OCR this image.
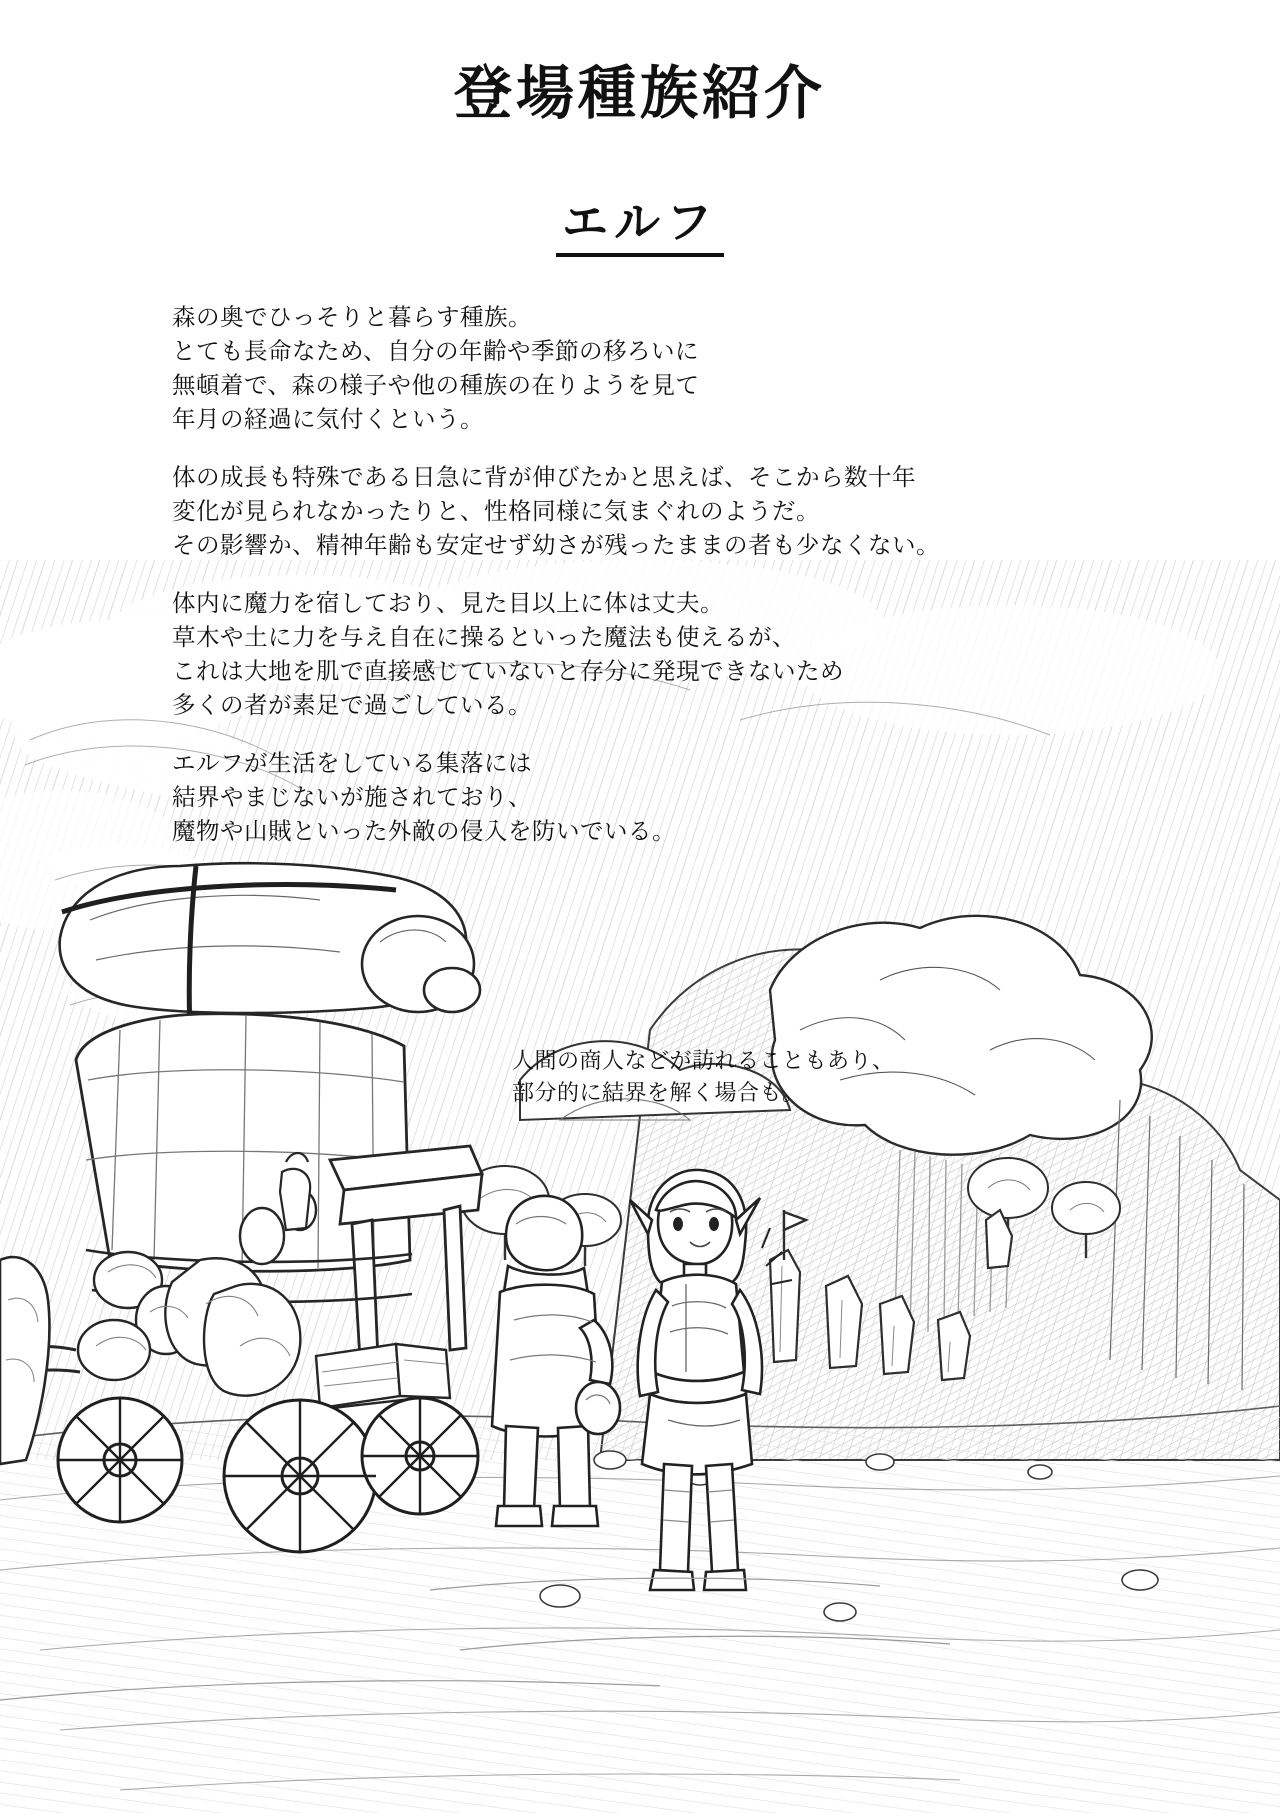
登場種族紹介
エルフ

森の奥でひっそりと暮らす種族。

とても長命なため、自分の年齢や季節の移ろいに

無頓着で、森の様子や他の種族の在りようを見て

年月の経過に気付くという。

体の成長も特殊である日急に背が伸びたかと思えば、そこから数十年

変化が見られなかったりと、性格同様に気まぐれのようだ。

その影響か、精神年齢も安定せず幼さが残ったままの者も少なくない。

体内に魔力を宿しており、見た目以上に体は丈夫。

草木や土に力を与え自在に操るといった魔法も使えるが、

これは大地を肌で直接感じていないと存分に発現できないため

多くの者が素足で過ごしている。

エルフが生活をしている集落には

結界やまじないが施されており、

魔物や山賊といった外敵の侵入を防いでいる。

人間の商人などが訪れることもあり、

部分的に結界を解く場合も。
